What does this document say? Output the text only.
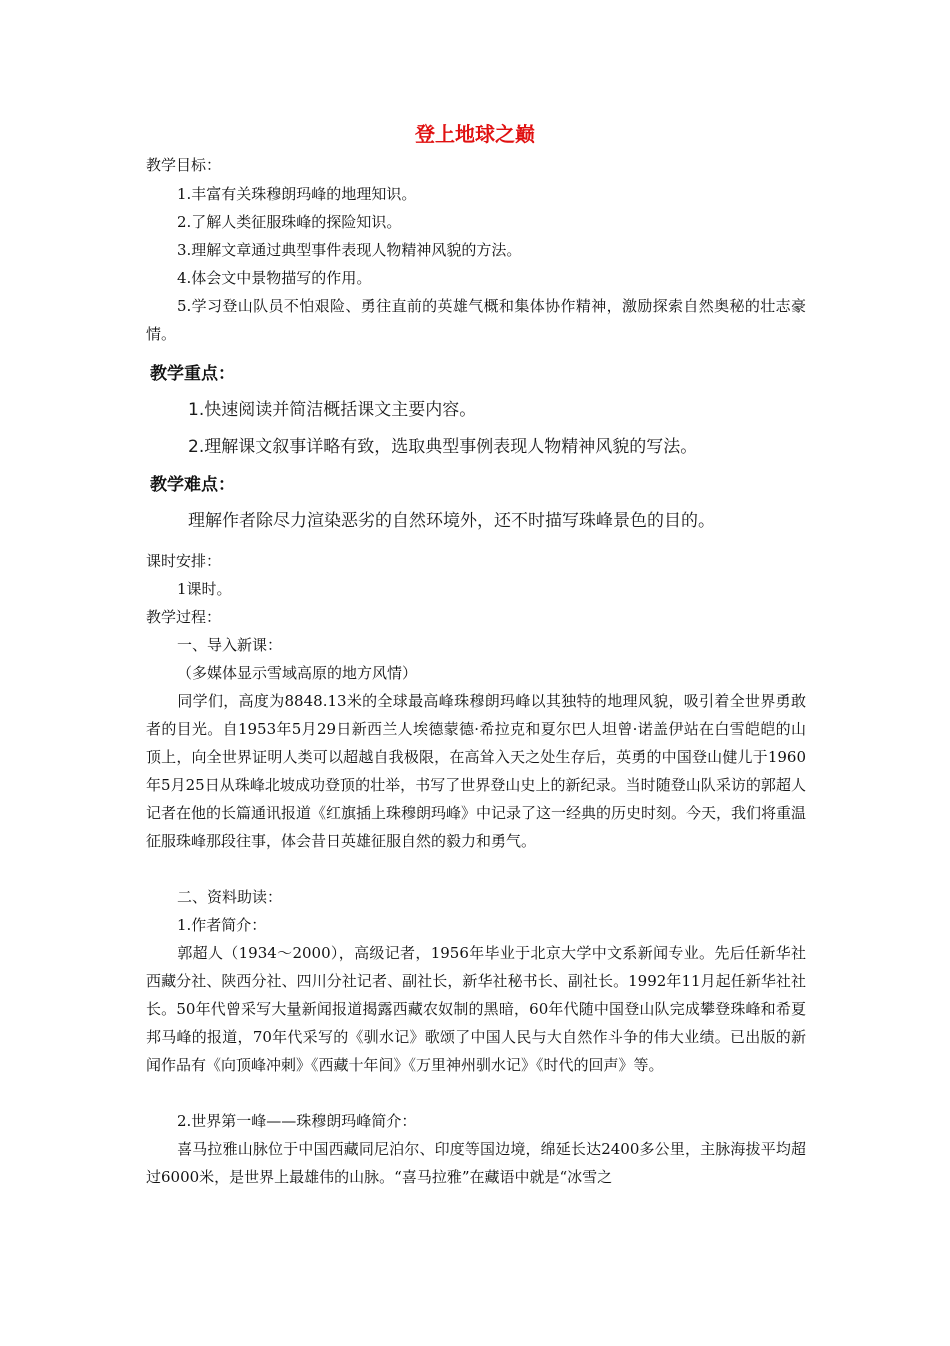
登上地球之巅
教学目标：
1.丰富有关珠穆朗玛峰的地理知识。
2.了解人类征服珠峰的探险知识。
3.理解文章通过典型事件表现人物精神风貌的方法。
4.体会文中景物描写的作用。
5.学习登山队员不怕艰险、勇往直前的英雄气概和集体协作精神，激励探索自然奥秘的壮志豪情。
教学重点：
1.快速阅读并简洁概括课文主要内容。
2.理解课文叙事详略有致，选取典型事例表现人物精神风貌的写法。
教学难点：
理解作者除尽力渲染恶劣的自然环境外，还不时描写珠峰景色的目的。
课时安排：
1课时。
教学过程：
一、导入新课：
（多媒体显示雪域高原的地方风情）
同学们，高度为8848.13米的全球最高峰珠穆朗玛峰以其独特的地理风貌，吸引着全世界勇敢者的目光。自1953年5月29日新西兰人埃德蒙德·希拉克和夏尔巴人坦曾·诺盖伊站在白雪皑皑的山顶上，向全世界证明人类可以超越自我极限，在高耸入天之处生存后，英勇的中国登山健儿于1960年5月25日从珠峰北坡成功登顶的壮举，书写了世界登山史上的新纪录。当时随登山队采访的郭超人记者在他的长篇通讯报道《红旗插上珠穆朗玛峰》中记录了这一经典的历史时刻。今天，我们将重温征服珠峰那段往事，体会昔日英雄征服自然的毅力和勇气。
二、资料助读：
1.作者简介：
郭超人（1934～2000），高级记者，1956年毕业于北京大学中文系新闻专业。先后任新华社西藏分社、陕西分社、四川分社记者、副社长，新华社秘书长、副社长。1992年11月起任新华社社长。50年代曾采写大量新闻报道揭露西藏农奴制的黑暗，60年代随中国登山队完成攀登珠峰和希夏邦马峰的报道，70年代采写的《驯水记》歌颂了中国人民与大自然作斗争的伟大业绩。已出版的新闻作品有《向顶峰冲刺》《西藏十年间》《万里神州驯水记》《时代的回声》等。
2.世界第一峰——珠穆朗玛峰简介：
喜马拉雅山脉位于中国西藏同尼泊尔、印度等国边境，绵延长达2400多公里，主脉海拔平均超过6000米，是世界上最雄伟的山脉。“喜马拉雅”在藏语中就是“冰雪之
